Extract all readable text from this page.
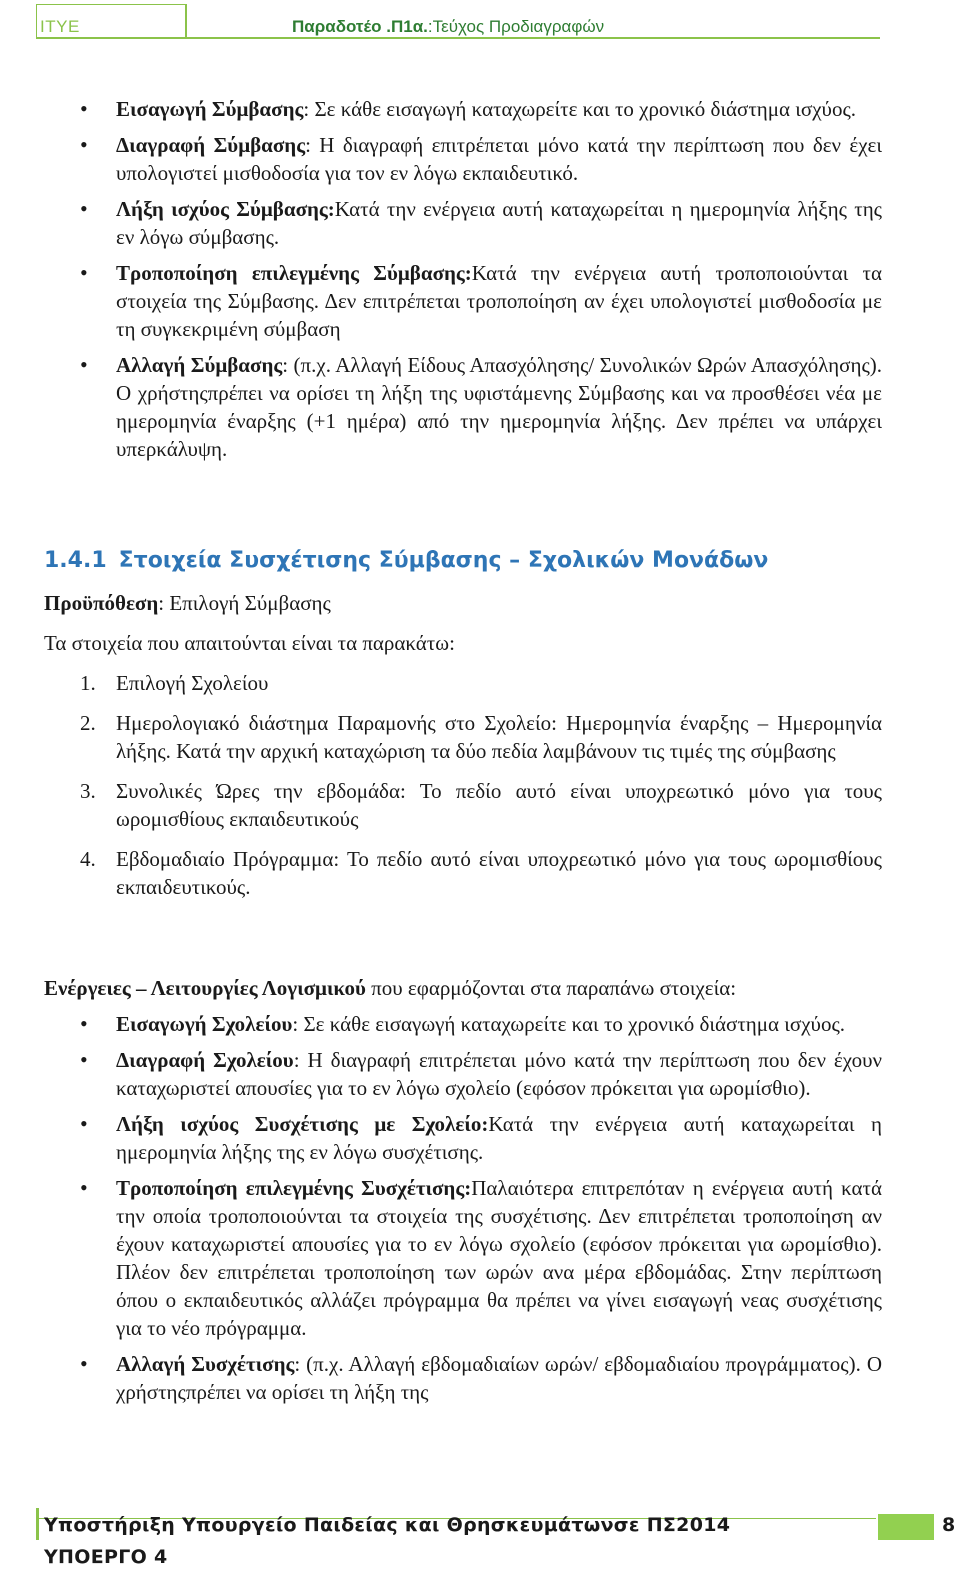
ITYE	Παραδοτέο .Π1α.:Τεύχος Προδιαγραφών
• Εισαγωγή Σύμβασης: Σε κάθε εισαγωγή καταχωρείτε και το χρονικό διάστημα ισχύος.
• Διαγραφή Σύμβασης: Η διαγραφή επιτρέπεται μόνο κατά την περίπτωση που δεν έχει υπολογιστεί μισθοδοσία για τον εν λόγω εκπαιδευτικό.
• Λήξη ισχύος Σύμβασης:Κατά την ενέργεια αυτή καταχωρείται η ημερομηνία λήξης της εν λόγω σύμβασης.
• Τροποποίηση επιλεγμένης Σύμβασης:Κατά την ενέργεια αυτή τροποποιούνται τα στοιχεία της Σύμβασης. Δεν επιτρέπεται τροποποίηση αν έχει υπολογιστεί μισθοδοσία με τη συγκεκριμένη σύμβαση
• Αλλαγή Σύμβασης: (π.χ. Αλλαγή Είδους Απασχόλησης/ Συνολικών Ωρών Απασχόλησης). Ο χρήστηςπρέπει να ορίσει τη λήξη της υφιστάμενης Σύμβασης και να προσθέσει νέα με ημερομηνία έναρξης (+1 ημέρα) από την ημερομηνία λήξης. Δεν πρέπει να υπάρχει υπερκάλυψη.
1.4.1 Στοιχεία Συσχέτισης Σύμβασης – Σχολικών Μονάδων
Προϋπόθεση: Επιλογή Σύμβασης
Τα στοιχεία που απαιτούνται είναι τα παρακάτω:
1. Επιλογή Σχολείου
2. Ημερολογιακό διάστημα Παραμονής στο Σχολείο: Ημερομηνία έναρξης – Ημερομηνία λήξης. Κατά την αρχική καταχώριση τα δύο πεδία λαμβάνουν τις τιμές της σύμβασης
3. Συνολικές Ώρες την εβδομάδα: Το πεδίο αυτό είναι υποχρεωτικό μόνο για τους ωρομισθίους εκπαιδευτικούς
4. Εβδομαδιαίο Πρόγραμμα: Το πεδίο αυτό είναι υποχρεωτικό μόνο για τους ωρομισθίους εκπαιδευτικούς.
Ενέργειες – Λειτουργίες Λογισμικού που εφαρμόζονται στα παραπάνω στοιχεία:
• Εισαγωγή Σχολείου: Σε κάθε εισαγωγή καταχωρείτε και το χρονικό διάστημα ισχύος.
• Διαγραφή Σχολείου: Η διαγραφή επιτρέπεται μόνο κατά την περίπτωση που δεν έχουν καταχωριστεί απουσίες για το εν λόγω σχολείο (εφόσον πρόκειται για ωρομίσθιο).
• Λήξη ισχύος Συσχέτισης με Σχολείο:Κατά την ενέργεια αυτή καταχωρείται η ημερομηνία λήξης της εν λόγω συσχέτισης.
• Τροποποίηση επιλεγμένης Συσχέτισης:Παλαιότερα επιτρεπόταν η ενέργεια αυτή κατά την οποία τροποποιούνται τα στοιχεία της συσχέτισης. Δεν επιτρέπεται τροποποίηση αν έχουν καταχωριστεί απουσίες για το εν λόγω σχολείο (εφόσον πρόκειται για ωρομίσθιο). Πλέον δεν επιτρέπεται τροποποίηση των ωρών ανα μέρα εβδομάδας. Στην περίπτωση όπου ο εκπαιδευτικός αλλάζει πρόγραμμα θα πρέπει να γίνει εισαγωγή νεας συσχέτισης για το νέο πρόγραμμα.
• Αλλαγή Συσχέτισης: (π.χ. Αλλαγή εβδομαδιαίων ωρών/ εβδομαδιαίου προγράμματος). Ο χρήστηςπρέπει να ορίσει τη λήξη της
Υποστήριξη Υπουργείο Παιδείας και Θρησκευμάτωνσε ΠΣ2014
ΥΠΟΕΡΓΟ 4
8
